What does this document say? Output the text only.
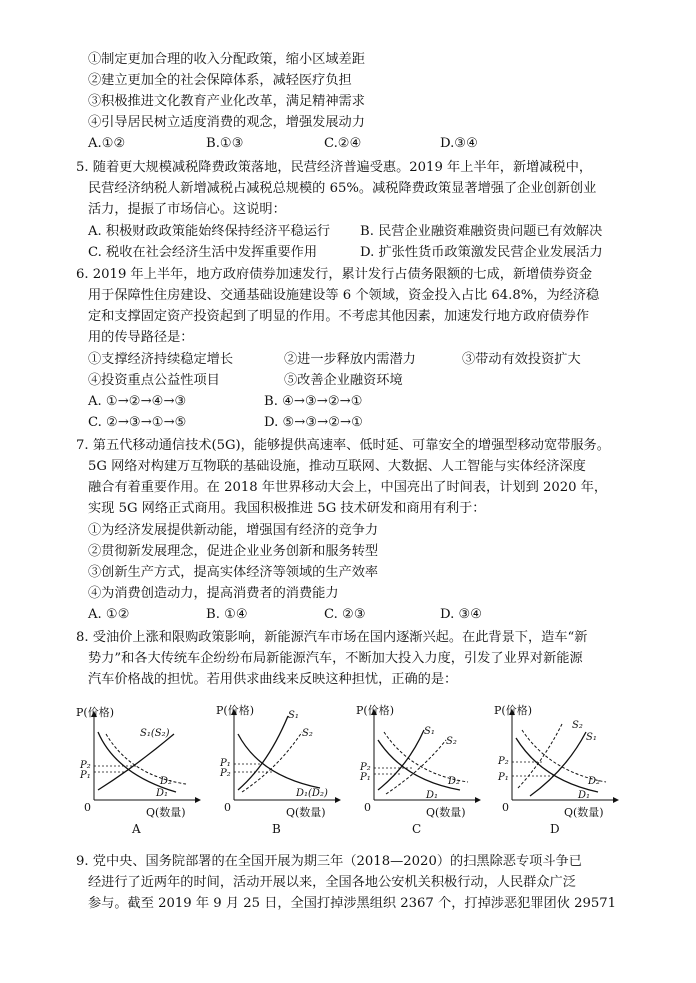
①制定更加合理的收入分配政策，缩小区域差距
②建立更加全的社会保障体系，减轻医疗负担
③积极推进文化教育产业化改革，满足精神需求
④引导居民树立适度消费的观念，增强发展动力
A.①②	B.①③	C.②④	D.③④
5. 随着更大规模减税降费政策落地，民营经济普遍受惠。2019 年上半年，新增减税中，
民营经济纳税人新增减税占减税总规模的 65%。减税降费政策显著增强了企业创新创业
活力，提振了市场信心。这说明：
A. 积极财政政策能始终保持经济平稳运行 B. 民营企业融资难融资贵问题已有效解决
C. 税收在社会经济生活中发挥重要作用	D. 扩张性货币政策激发民营企业发展活力
6. 2019 年上半年，地方政府债券加速发行，累计发行占债务限额的七成，新增债券资金
用于保障性住房建设、交通基础设施建设等 6 个领域，资金投入占比 64.8%，为经济稳
定和支撑固定资产投资起到了明显的作用。不考虑其他因素，加速发行地方政府债券作
用的传导路径是：
①支撑经济持续稳定增长	②进一步释放内需潜力	③带动有效投资扩大
④投资重点公益性项目	⑤改善企业融资环境
A. ①→②→④→③	B. ④→③→②→①
C. ②→③→①→⑤	D. ⑤→③→②→①
7. 第五代移动通信技术(5G)，能够提供高速率、低时延、可靠安全的增强型移动宽带服务。
5G 网络对构建万互物联的基础设施，推动互联网、大数据、人工智能与实体经济深度
融合有着重要作用。在 2018 年世界移动大会上，中国亮出了时间表，计划到 2020 年，
实现 5G 网络正式商用。我国积极推进 5G 技术研发和商用有利于：
①为经济发展提供新动能，增强国有经济的竞争力
②贯彻新发展理念，促进企业业务创新和服务转型
③创新生产方式，提高实体经济等领域的生产效率
④为消费创造动力，提高消费者的消费能力
A. ①②	B. ①④	C. ②③	D. ③④
8. 受油价上涨和限购政策影响，新能源汽车市场在国内逐渐兴起。在此背景下，造车“新
势力”和各大传统车企纷纷布局新能源汽车，不断加大投入力度，引发了业界对新能源
汽车价格战的担忧。若用供求曲线来反映这种担忧，正确的是：
P(价格)
0	Q(数量)
S₁(S₂)
P₂
P₁
D₂
D₁
A
P(价格)
0	Q(数量)
S₁
S₂
P₁
P₂
D₁(D₂)
B
P(价格)
0	Q(数量)
S₁
S₂
P₂
P₁	D₂
D₁
C
P(价格)
0	Q(数量)
S₂
S₁
P₂
P₁	D₂
D₁
D
9. 党中央、国务院部署的在全国开展为期三年（2018—2020）的扫黑除恶专项斗争已
经进行了近两年的时间，活动开展以来，全国各地公安机关积极行动，人民群众广泛
参与。截至 2019 年 9 月 25 日，全国打掉涉黑组织 2367 个，打掉涉恶犯罪团伙 29571
